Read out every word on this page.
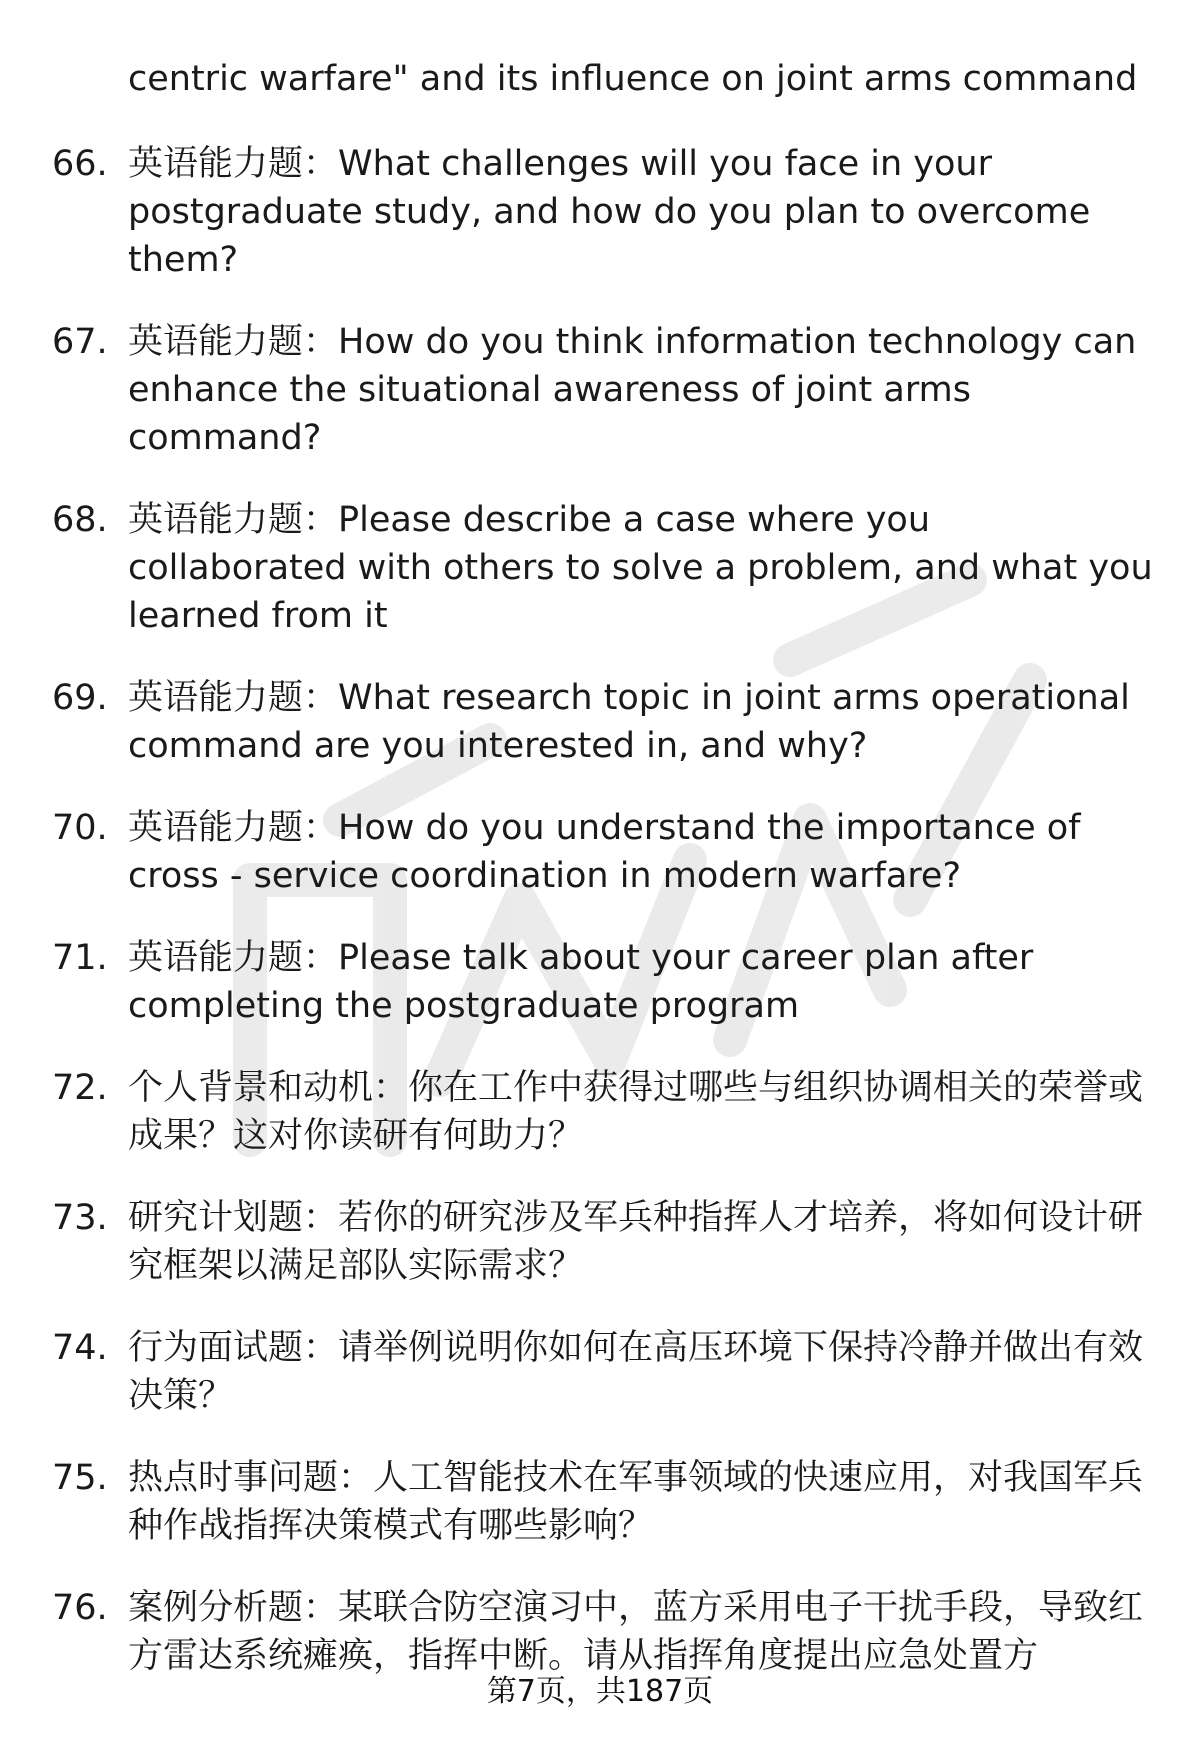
centric warfare" and its influence on joint arms command

66. 英语能力题：What challenges will you face in your postgraduate study, and how do you plan to overcome them?
67. 英语能力题：How do you think information technology can enhance the situational awareness of joint arms command?
68. 英语能力题：Please describe a case where you collaborated with others to solve a problem, and what you learned from it
69. 英语能力题：What research topic in joint arms operational command are you interested in, and why?
70. 英语能力题：How do you understand the importance of cross - service coordination in modern warfare?
71. 英语能力题：Please talk about your career plan after completing the postgraduate program
72. 个人背景和动机：你在工作中获得过哪些与组织协调相关的荣誉或成果？这对你读研有何助力？
73. 研究计划题：若你的研究涉及军兵种指挥人才培养，将如何设计研究框架以满足部队实际需求？
74. 行为面试题：请举例说明你如何在高压环境下保持冷静并做出有效决策？
75. 热点时事问题：人工智能技术在军事领域的快速应用，对我国军兵种作战指挥决策模式有哪些影响？
76. 案例分析题：某联合防空演习中，蓝方采用电子干扰手段，导致红方雷达系统瘫痪，指挥中断。请从指挥角度提出应急处置方
第7页，共187页
